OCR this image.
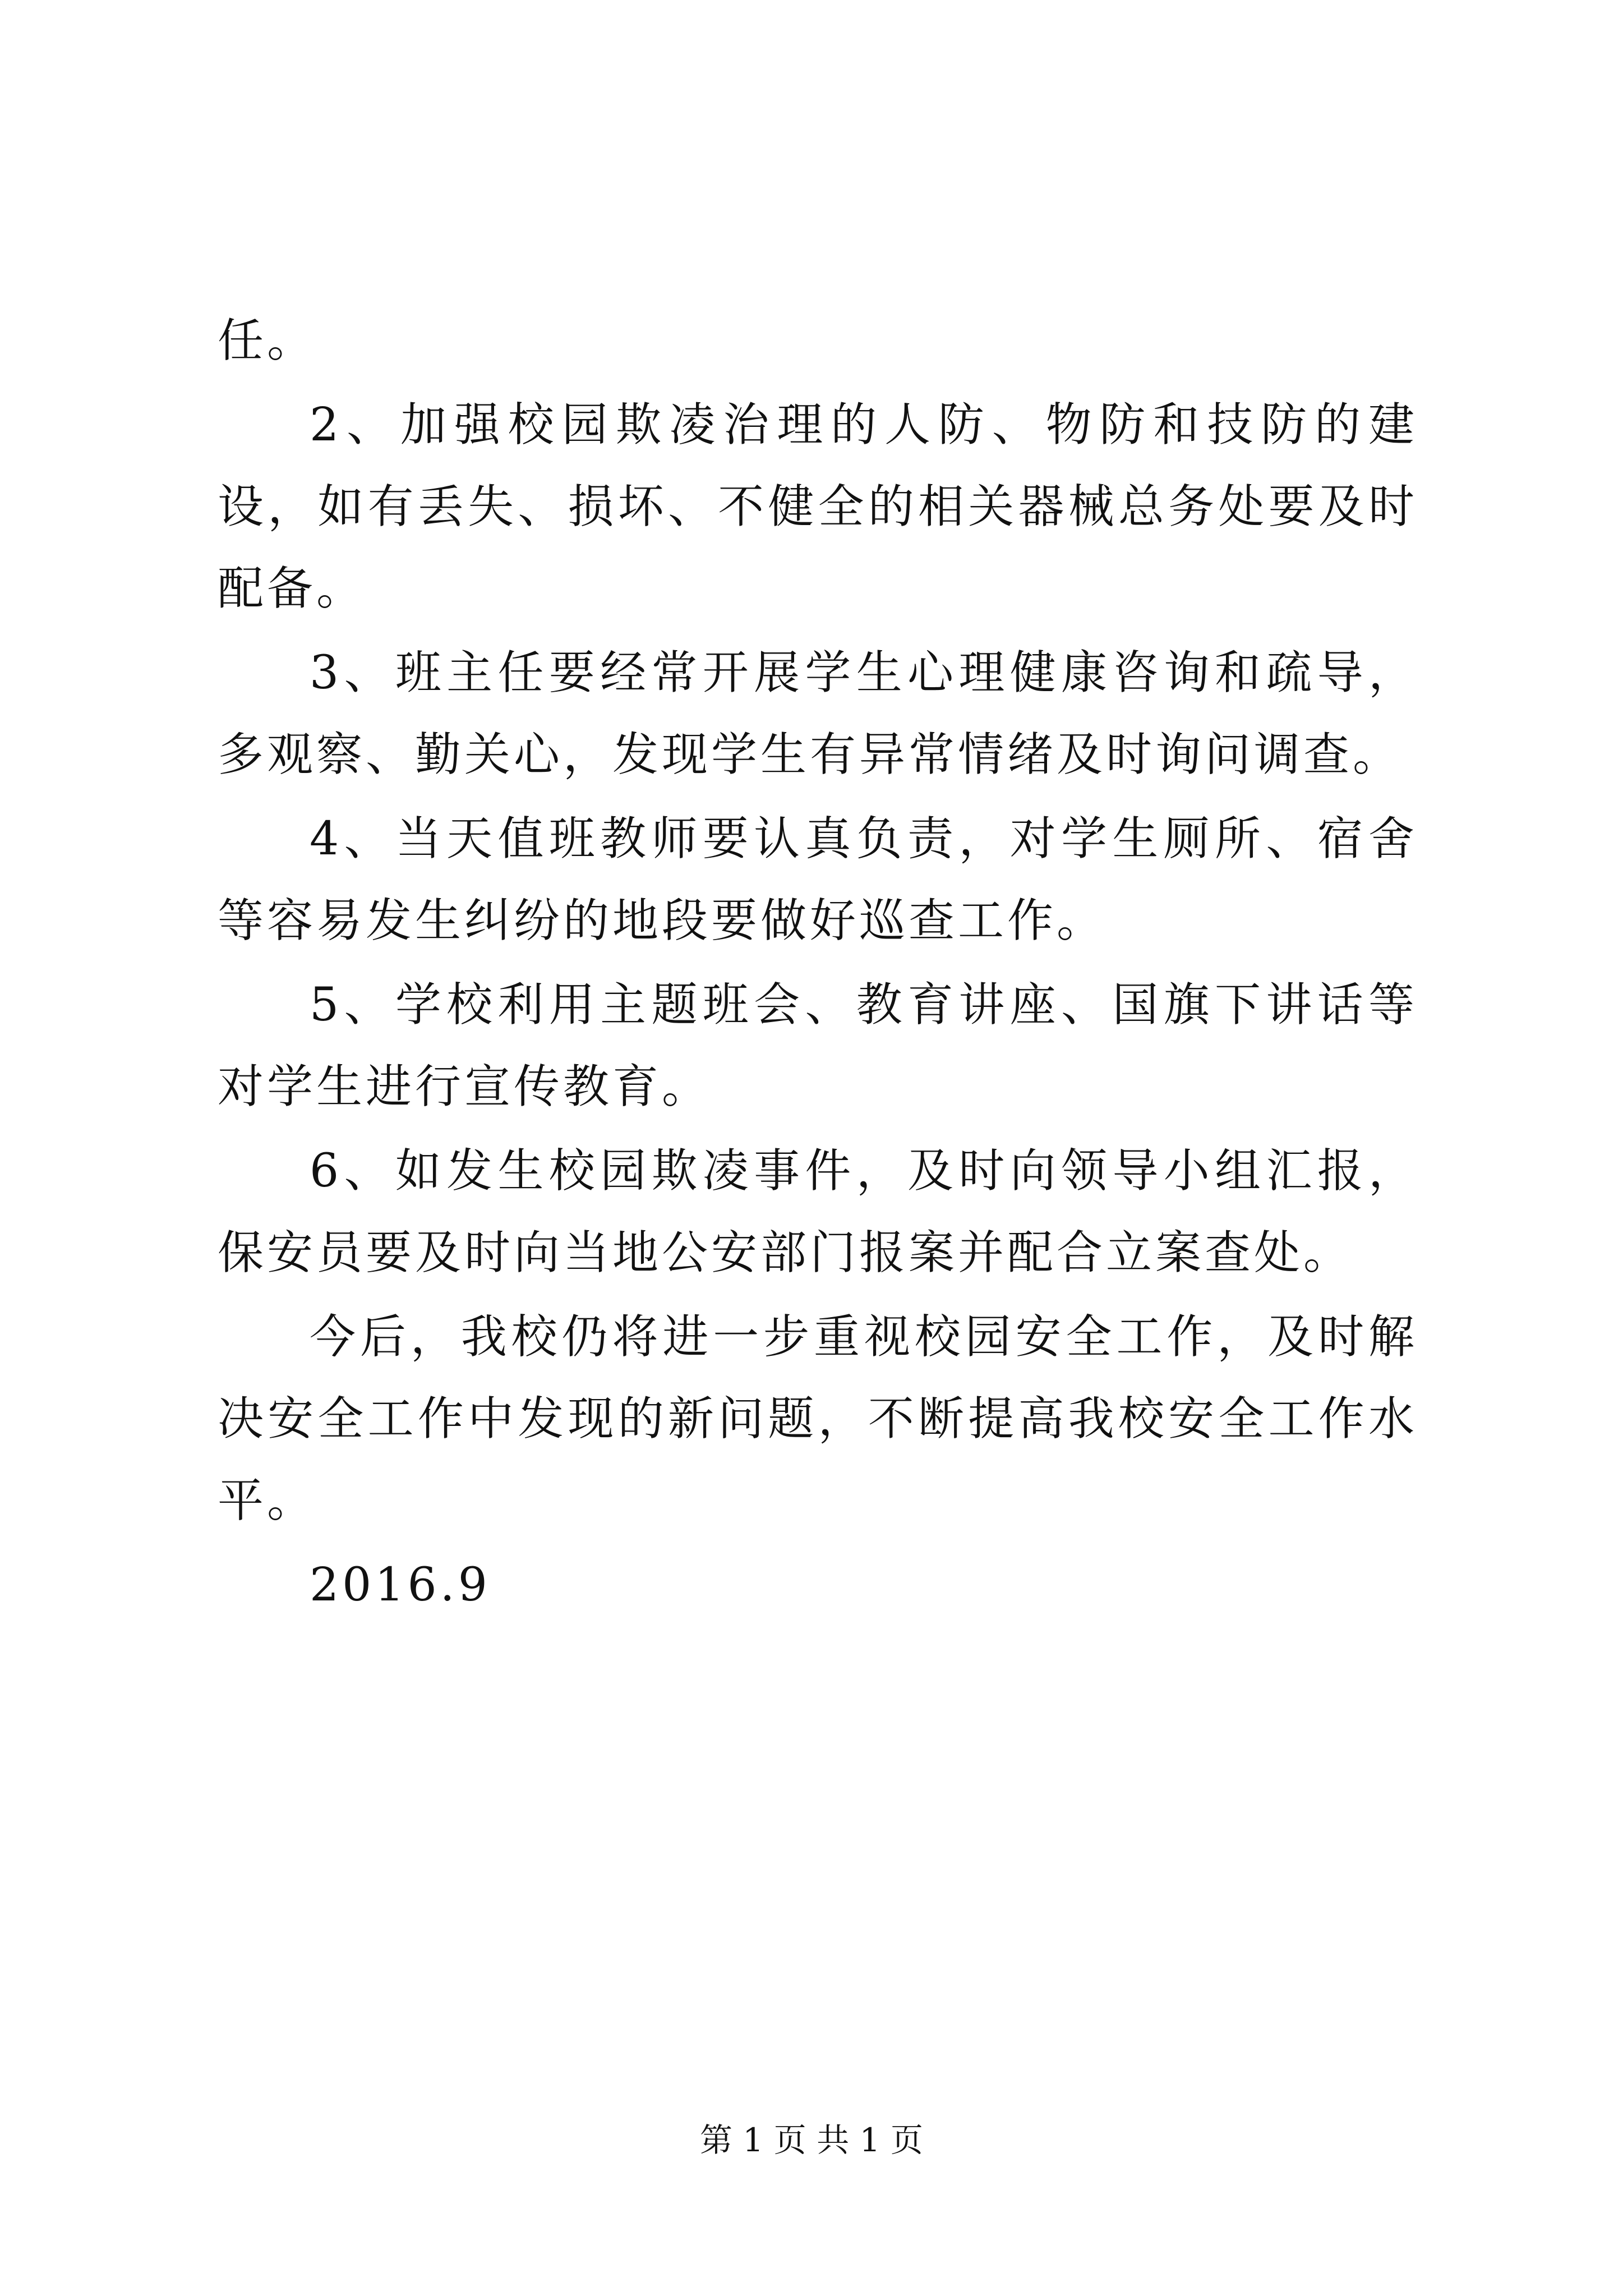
任。

2、加强校园欺凌治理的人防、物防和技防的建设，如有丢失、损坏、不健全的相关器械总务处要及时配备。

3、班主任要经常开展学生心理健康咨询和疏导，多观察、勤关心，发现学生有异常情绪及时询问调查。

4、当天值班教师要认真负责，对学生厕所、宿舍等容易发生纠纷的地段要做好巡查工作。

5、学校利用主题班会、教育讲座、国旗下讲话等对学生进行宣传教育。

6、如发生校园欺凌事件，及时向领导小组汇报，保安员要及时向当地公安部门报案并配合立案查处。

今后，我校仍将进一步重视校园安全工作，及时解决安全工作中发现的新问题，不断提高我校安全工作水平。

2016.9

第 1 页 共 1 页
